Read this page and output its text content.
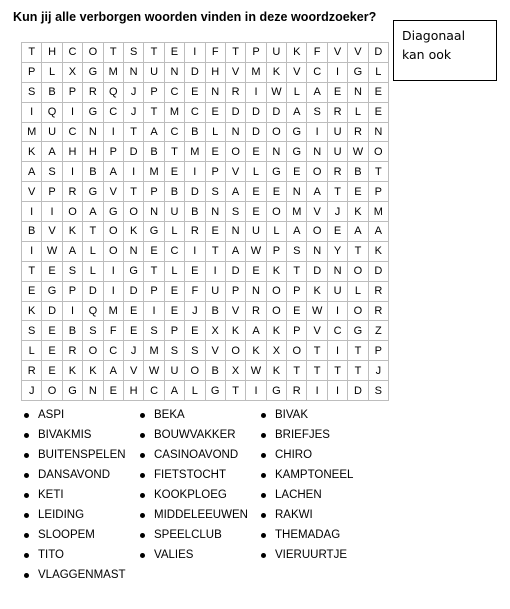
Kun jij alle verborgen woorden vinden in deze woordzoeker?
Diagonaal
kan ook
T	H	C	O	T	S	T	E	I	F	T	P	U	K	F	V	V	D
P	L	X	G	M	N	U	N	D	H	V	M	K	V	C	I	G	L
S	B	P	R	Q	J	P	C	E	N	R	I	W	L	A	E	N	E
I	Q	I	G	C	J	T	M	C	E	D	D	D	A	S	R	L	E
M	U	C	N	I	T	A	C	B	L	N	D	O	G	I	U	R	N
K	A	H	H	P	D	B	T	M	E	O	E	N	G	N	U	W	O
A	S	I	B	A	I	M	E	I	P	V	L	G	E	O	R	B	T
V	P	R	G	V	T	P	B	D	S	A	E	E	N	A	T	E	P
I	I	O	A	G	O	N	U	B	N	S	E	O	M	V	J	K	M
B	V	K	T	O	K	G	L	R	E	N	U	L	A	O	E	A	A
I	W	A	L	O	N	E	C	I	T	A	W	P	S	N	Y	T	K
T	E	S	L	I	G	T	L	E	I	D	E	K	T	D	N	O	D
E	G	P	D	I	D	P	E	F	U	P	N	O	P	K	U	L	R
K	D	I	Q	M	E	I	E	J	B	V	R	O	E	W	I	O	R
S	E	B	S	F	E	S	P	E	X	K	A	K	P	V	C	G	Z
L	E	R	O	C	J	M	S	S	V	O	K	X	O	T	I	T	P
R	E	K	K	A	V	W	U	O	B	X	W	K	T	T	T	T	J
J	O	G	N	E	H	C	A	L	G	T	I	G	R	I	I	D	S
ASPI
BIVAKMIS
BUITENSPELEN
DANSAVOND
KETI
LEIDING
SLOOPEM
TITO
VLAGGENMAST
BEKA
BOUWVAKKER
CASINOAVOND
FIETSTOCHT
KOOKPLOEG
MIDDELEEUWEN
SPEELCLUB
VALIES
BIVAK
BRIEFJES
CHIRO
KAMPTONEEL
LACHEN
RAKWI
THEMADAG
VIERUURTJE
